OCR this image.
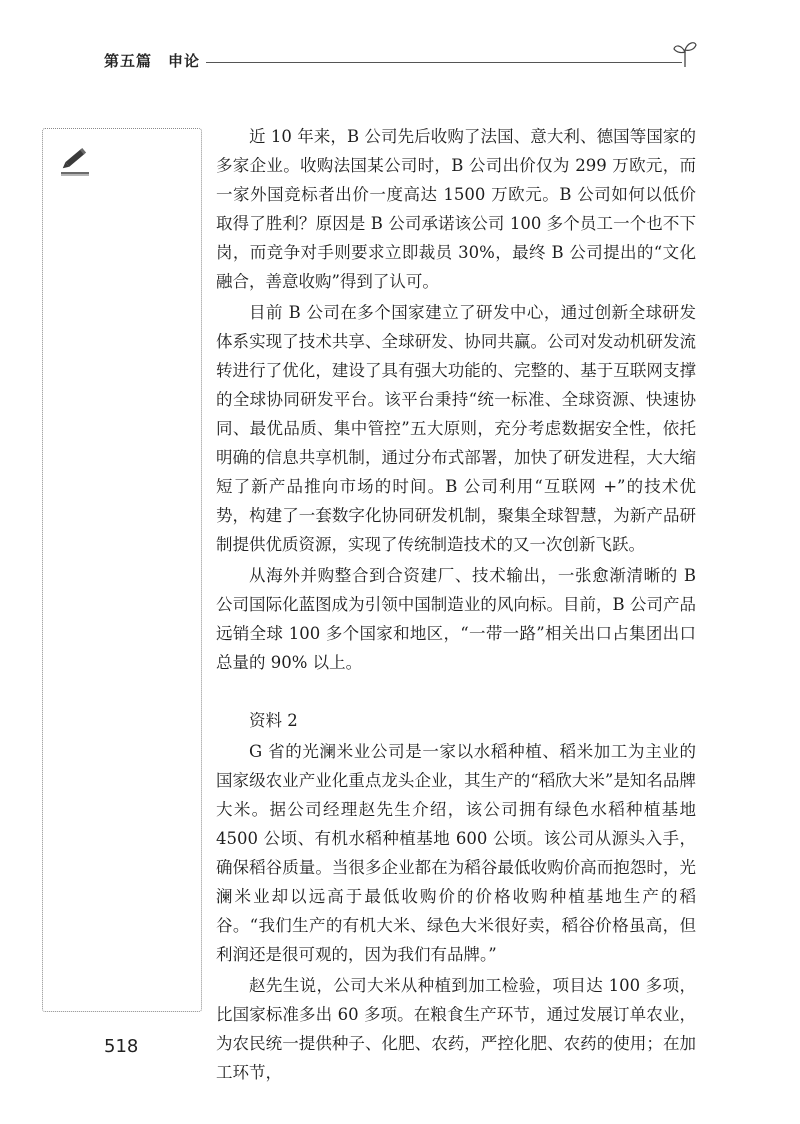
第五篇　申论

近 10 年来，B 公司先后收购了法国、意大利、德国等国家的多家企业。收购法国某公司时，B 公司出价仅为 299 万欧元，而一家外国竞标者出价一度高达 1500 万欧元。B 公司如何以低价取得了胜利？原因是 B 公司承诺该公司 100 多个员工一个也不下岗，而竞争对手则要求立即裁员 30%，最终 B 公司提出的“文化融合，善意收购”得到了认可。

目前 B 公司在多个国家建立了研发中心，通过创新全球研发体系实现了技术共享、全球研发、协同共赢。公司对发动机研发流转进行了优化，建设了具有强大功能的、完整的、基于互联网支撑的全球协同研发平台。该平台秉持“统一标准、全球资源、快速协同、最优品质、集中管控”五大原则，充分考虑数据安全性，依托明确的信息共享机制，通过分布式部署，加快了研发进程，大大缩短了新产品推向市场的时间。B 公司利用“互联网 +”的技术优势，构建了一套数字化协同研发机制，聚集全球智慧，为新产品研制提供优质资源，实现了传统制造技术的又一次创新飞跃。

从海外并购整合到合资建厂、技术输出，一张愈渐清晰的 B 公司国际化蓝图成为引领中国制造业的风向标。目前，B 公司产品远销全球 100 多个国家和地区，“一带一路”相关出口占集团出口总量的 90% 以上。

资料 2

G 省的光澜米业公司是一家以水稻种植、稻米加工为主业的国家级农业产业化重点龙头企业，其生产的“稻欣大米”是知名品牌大米。据公司经理赵先生介绍，该公司拥有绿色水稻种植基地 4500 公顷、有机水稻种植基地 600 公顷。该公司从源头入手，确保稻谷质量。当很多企业都在为稻谷最低收购价高而抱怨时，光澜米业却以远高于最低收购价的价格收购种植基地生产的稻谷。“我们生产的有机大米、绿色大米很好卖，稻谷价格虽高，但利润还是很可观的，因为我们有品牌。”

赵先生说，公司大米从种植到加工检验，项目达 100 多项，比国家标准多出 60 多项。在粮食生产环节，通过发展订单农业，为农民统一提供种子、化肥、农药，严控化肥、农药的使用；在加工环节，

518
